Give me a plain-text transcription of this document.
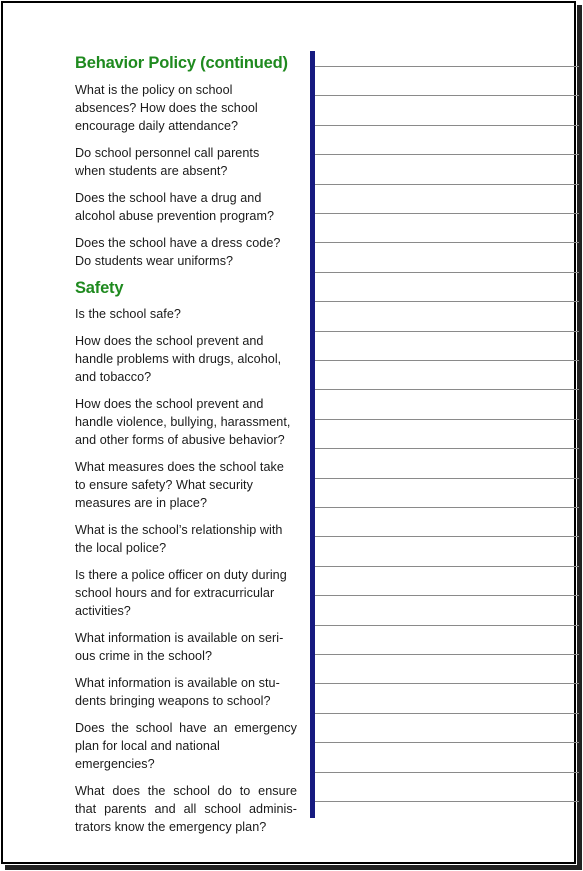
Behavior Policy (continued)
What is the policy on school
absences? How does the school
encourage daily attendance?
Do school personnel call parents
when students are absent?
Does the school have a drug and
alcohol abuse prevention program?
Does the school have a dress code?
Do students wear uniforms?
Safety
Is the school safe?
How does the school prevent and
handle problems with drugs, alcohol,
and tobacco?
How does the school prevent and
handle violence, bullying, harassment,
and other forms of abusive behavior?
What measures does the school take
to ensure safety? What security
measures are in place?
What is the school’s relationship with
the local police?
Is there a police officer on duty during
school hours and for extracurricular
activities?
What information is available on seri-
ous crime in the school?
What information is available on stu-
dents bringing weapons to school?
Does the school have an emergency
plan for local and national emergencies?
What does the school do to ensure
that parents and all school adminis-
trators know the emergency plan?
